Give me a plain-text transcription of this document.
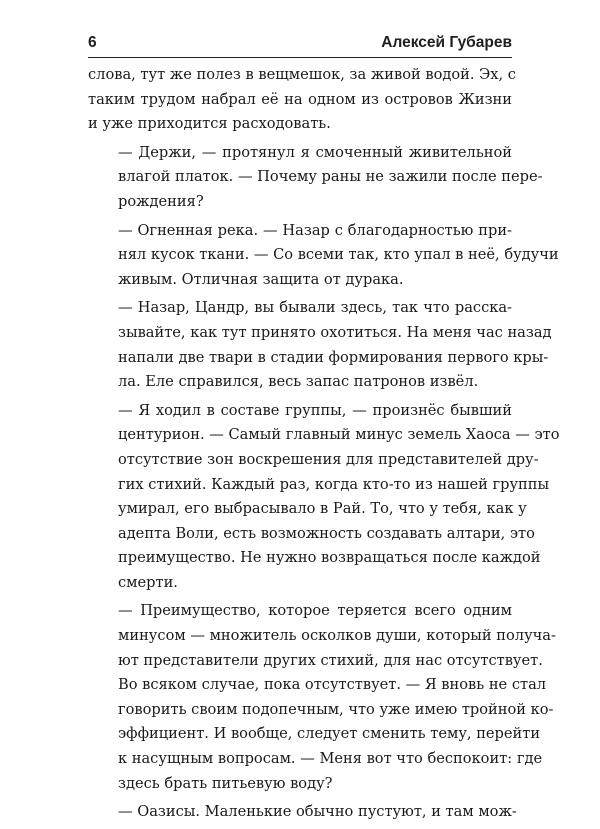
6	Алексей Губарев

слова, тут же полез в вещмешок, за живой водой. Эх, с
таким трудом набрал её на одном из островов Жизни
и уже приходится расходовать.

— Держи, — протянул я смоченный живительной
влагой платок. — Почему раны не зажили после пере-
рождения?

— Огненная река. — Назар с благодарностью при-
нял кусок ткани. — Со всеми так, кто упал в неё, будучи
живым. Отличная защита от дурака.

— Назар, Цандр, вы бывали здесь, так что расска-
зывайте, как тут принято охотиться. На меня час назад
напали две твари в стадии формирования первого кры-
ла. Еле справился, весь запас патронов извёл.

— Я ходил в составе группы, — произнёс бывший
центурион. — Самый главный минус земель Хаоса — это
отсутствие зон воскрешения для представителей дру-
гих стихий. Каждый раз, когда кто-то из нашей группы
умирал, его выбрасывало в Рай. То, что у тебя, как у
адепта Воли, есть возможность создавать алтари, это
преимущество. Не нужно возвращаться после каждой
смерти.

— Преимущество, которое теряется всего одним
минусом — множитель осколков души, который получа-
ют представители других стихий, для нас отсутствует.
Во всяком случае, пока отсутствует. — Я вновь не стал
говорить своим подопечным, что уже имею тройной ко-
эффициент. И вообще, следует сменить тему, перейти
к насущным вопросам. — Меня вот что беспокоит: где
здесь брать питьевую воду?

— Оазисы. Маленькие обычно пустуют, и там мож-
